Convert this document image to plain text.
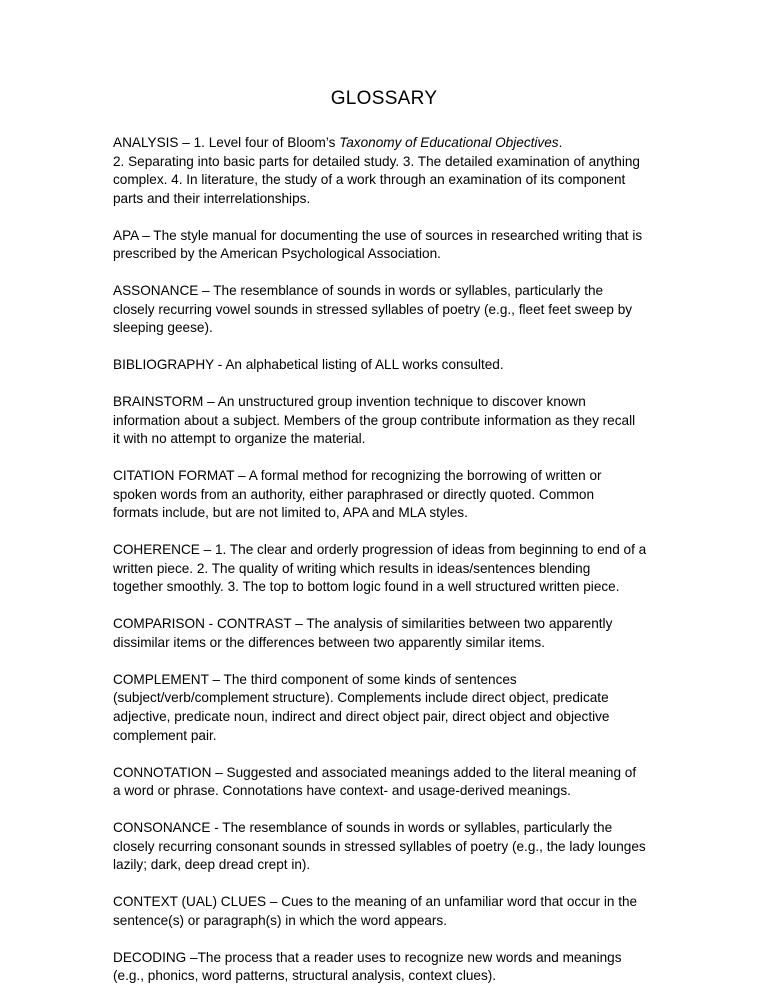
GLOSSARY
ANALYSIS – 1. Level four of Bloom’s Taxonomy of Educational Objectives.
2. Separating into basic parts for detailed study. 3. The detailed examination of anything
complex. 4. In literature, the study of a work through an examination of its component
parts and their interrelationships.
APA – The style manual for documenting the use of sources in researched writing that is
prescribed by the American Psychological Association.
ASSONANCE – The resemblance of sounds in words or syllables, particularly the
closely recurring vowel sounds in stressed syllables of poetry (e.g., fleet feet sweep by
sleeping geese).
BIBLIOGRAPHY - An alphabetical listing of ALL works consulted.
BRAINSTORM – An unstructured group invention technique to discover known
information about a subject. Members of the group contribute information as they recall
it with no attempt to organize the material.
CITATION FORMAT – A formal method for recognizing the borrowing of written or
spoken words from an authority, either paraphrased or directly quoted. Common
formats include, but are not limited to, APA and MLA styles.
COHERENCE – 1. The clear and orderly progression of ideas from beginning to end of a
written piece. 2. The quality of writing which results in ideas/sentences blending
together smoothly. 3. The top to bottom logic found in a well structured written piece.
COMPARISON - CONTRAST – The analysis of similarities between two apparently
dissimilar items or the differences between two apparently similar items.
COMPLEMENT – The third component of some kinds of sentences
(subject/verb/complement structure). Complements include direct object, predicate
adjective, predicate noun, indirect and direct object pair, direct object and objective
complement pair.
CONNOTATION – Suggested and associated meanings added to the literal meaning of
a word or phrase. Connotations have context- and usage-derived meanings.
CONSONANCE - The resemblance of sounds in words or syllables, particularly the
closely recurring consonant sounds in stressed syllables of poetry (e.g., the lady lounges
lazily; dark, deep dread crept in).
CONTEXT (UAL) CLUES – Cues to the meaning of an unfamiliar word that occur in the
sentence(s) or paragraph(s) in which the word appears.
DECODING –The process that a reader uses to recognize new words and meanings
(e.g., phonics, word patterns, structural analysis, context clues).
